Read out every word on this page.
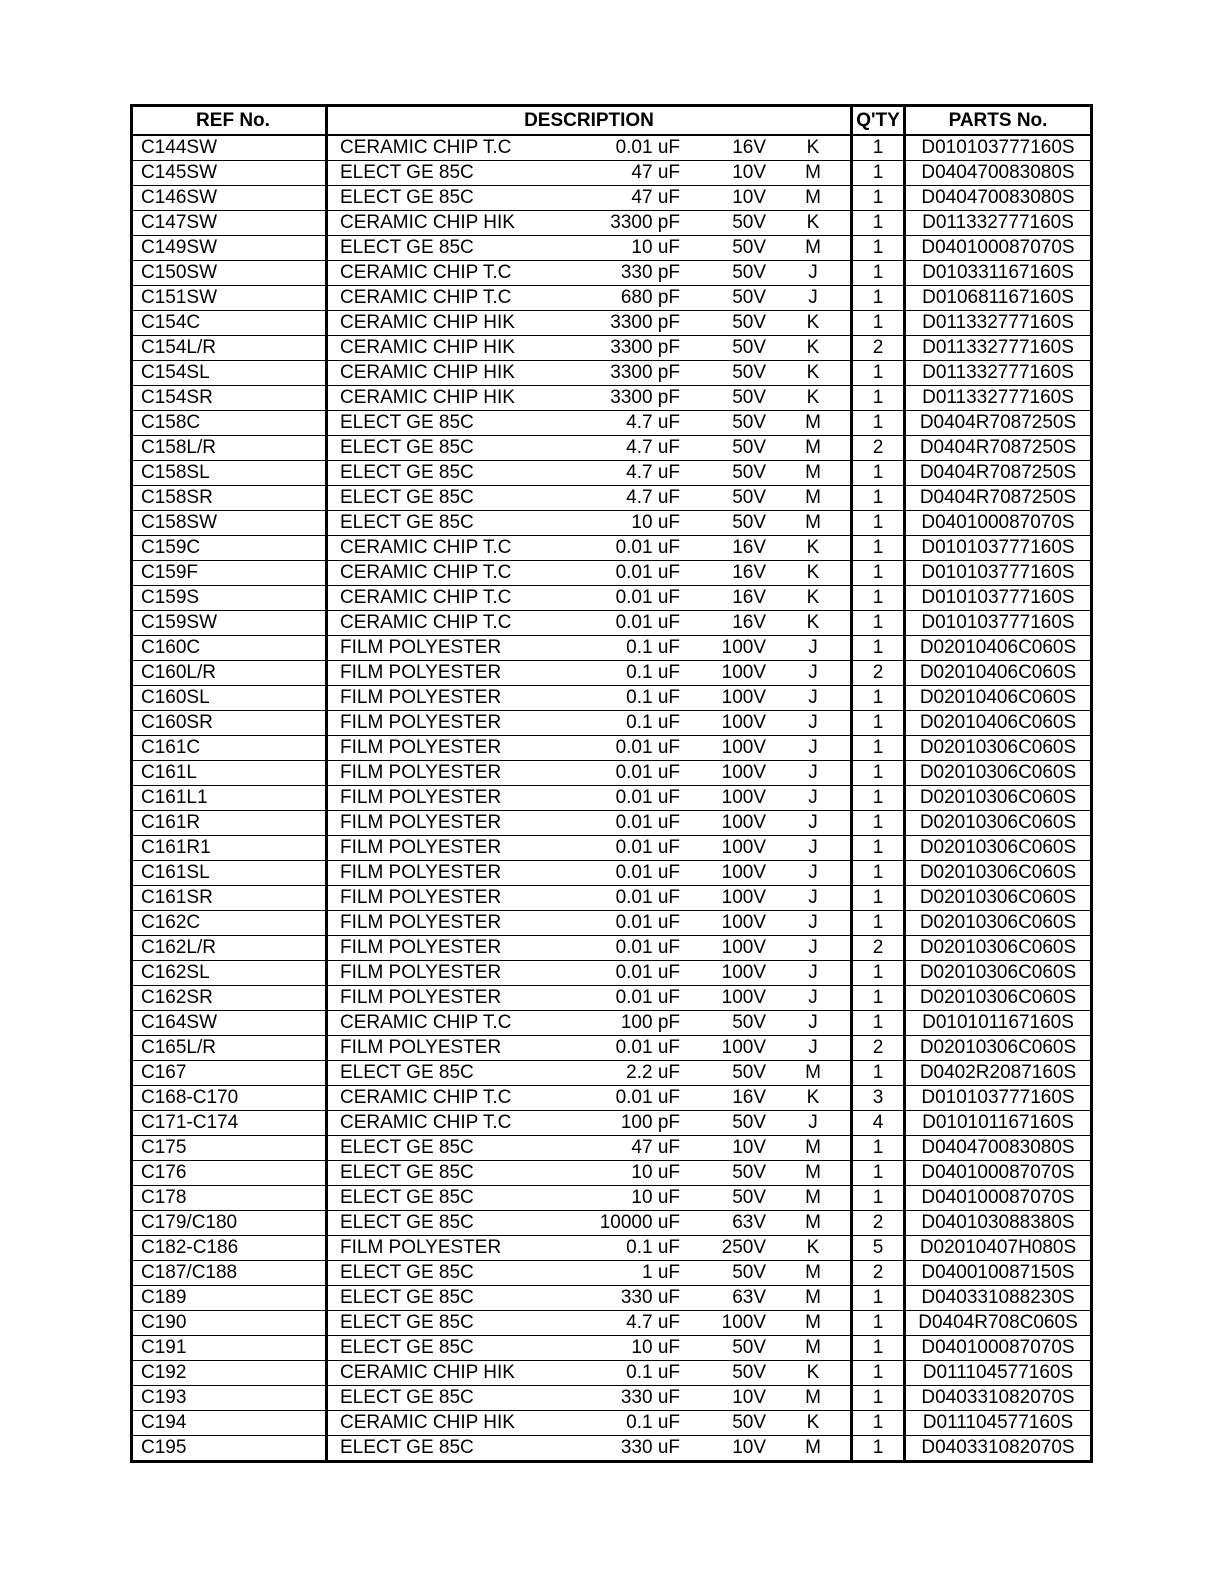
REF No.	DESCRIPTION				Q'TY	PARTS No.
C144SW	CERAMIC CHIP T.C	0.01 uF	16V	K	1	D010103777160S
C145SW	ELECT GE 85C	47 uF	10V	M	1	D040470083080S
C146SW	ELECT GE 85C	47 uF	10V	M	1	D040470083080S
C147SW	CERAMIC CHIP HIK	3300 pF	50V	K	1	D011332777160S
C149SW	ELECT GE 85C	10 uF	50V	M	1	D040100087070S
C150SW	CERAMIC CHIP T.C	330 pF	50V	J	1	D010331167160S
C151SW	CERAMIC CHIP T.C	680 pF	50V	J	1	D010681167160S
C154C	CERAMIC CHIP HIK	3300 pF	50V	K	1	D011332777160S
C154L/R	CERAMIC CHIP HIK	3300 pF	50V	K	2	D011332777160S
C154SL	CERAMIC CHIP HIK	3300 pF	50V	K	1	D011332777160S
C154SR	CERAMIC CHIP HIK	3300 pF	50V	K	1	D011332777160S
C158C	ELECT GE 85C	4.7 uF	50V	M	1	D0404R7087250S
C158L/R	ELECT GE 85C	4.7 uF	50V	M	2	D0404R7087250S
C158SL	ELECT GE 85C	4.7 uF	50V	M	1	D0404R7087250S
C158SR	ELECT GE 85C	4.7 uF	50V	M	1	D0404R7087250S
C158SW	ELECT GE 85C	10 uF	50V	M	1	D040100087070S
C159C	CERAMIC CHIP T.C	0.01 uF	16V	K	1	D010103777160S
C159F	CERAMIC CHIP T.C	0.01 uF	16V	K	1	D010103777160S
C159S	CERAMIC CHIP T.C	0.01 uF	16V	K	1	D010103777160S
C159SW	CERAMIC CHIP T.C	0.01 uF	16V	K	1	D010103777160S
C160C	FILM POLYESTER	0.1 uF	100V	J	1	D02010406C060S
C160L/R	FILM POLYESTER	0.1 uF	100V	J	2	D02010406C060S
C160SL	FILM POLYESTER	0.1 uF	100V	J	1	D02010406C060S
C160SR	FILM POLYESTER	0.1 uF	100V	J	1	D02010406C060S
C161C	FILM POLYESTER	0.01 uF	100V	J	1	D02010306C060S
C161L	FILM POLYESTER	0.01 uF	100V	J	1	D02010306C060S
C161L1	FILM POLYESTER	0.01 uF	100V	J	1	D02010306C060S
C161R	FILM POLYESTER	0.01 uF	100V	J	1	D02010306C060S
C161R1	FILM POLYESTER	0.01 uF	100V	J	1	D02010306C060S
C161SL	FILM POLYESTER	0.01 uF	100V	J	1	D02010306C060S
C161SR	FILM POLYESTER	0.01 uF	100V	J	1	D02010306C060S
C162C	FILM POLYESTER	0.01 uF	100V	J	1	D02010306C060S
C162L/R	FILM POLYESTER	0.01 uF	100V	J	2	D02010306C060S
C162SL	FILM POLYESTER	0.01 uF	100V	J	1	D02010306C060S
C162SR	FILM POLYESTER	0.01 uF	100V	J	1	D02010306C060S
C164SW	CERAMIC CHIP T.C	100 pF	50V	J	1	D010101167160S
C165L/R	FILM POLYESTER	0.01 uF	100V	J	2	D02010306C060S
C167	ELECT GE 85C	2.2 uF	50V	M	1	D0402R2087160S
C168-C170	CERAMIC CHIP T.C	0.01 uF	16V	K	3	D010103777160S
C171-C174	CERAMIC CHIP T.C	100 pF	50V	J	4	D010101167160S
C175	ELECT GE 85C	47 uF	10V	M	1	D040470083080S
C176	ELECT GE 85C	10 uF	50V	M	1	D040100087070S
C178	ELECT GE 85C	10 uF	50V	M	1	D040100087070S
C179/C180	ELECT GE 85C	10000 uF	63V	M	2	D040103088380S
C182-C186	FILM POLYESTER	0.1 uF	250V	K	5	D02010407H080S
C187/C188	ELECT GE 85C	1 uF	50V	M	2	D040010087150S
C189	ELECT GE 85C	330 uF	63V	M	1	D040331088230S
C190	ELECT GE 85C	4.7 uF	100V	M	1	D0404R708C060S
C191	ELECT GE 85C	10 uF	50V	M	1	D040100087070S
C192	CERAMIC CHIP HIK	0.1 uF	50V	K	1	D011104577160S
C193	ELECT GE 85C	330 uF	10V	M	1	D040331082070S
C194	CERAMIC CHIP HIK	0.1 uF	50V	K	1	D011104577160S
C195	ELECT GE 85C	330 uF	10V	M	1	D040331082070S
